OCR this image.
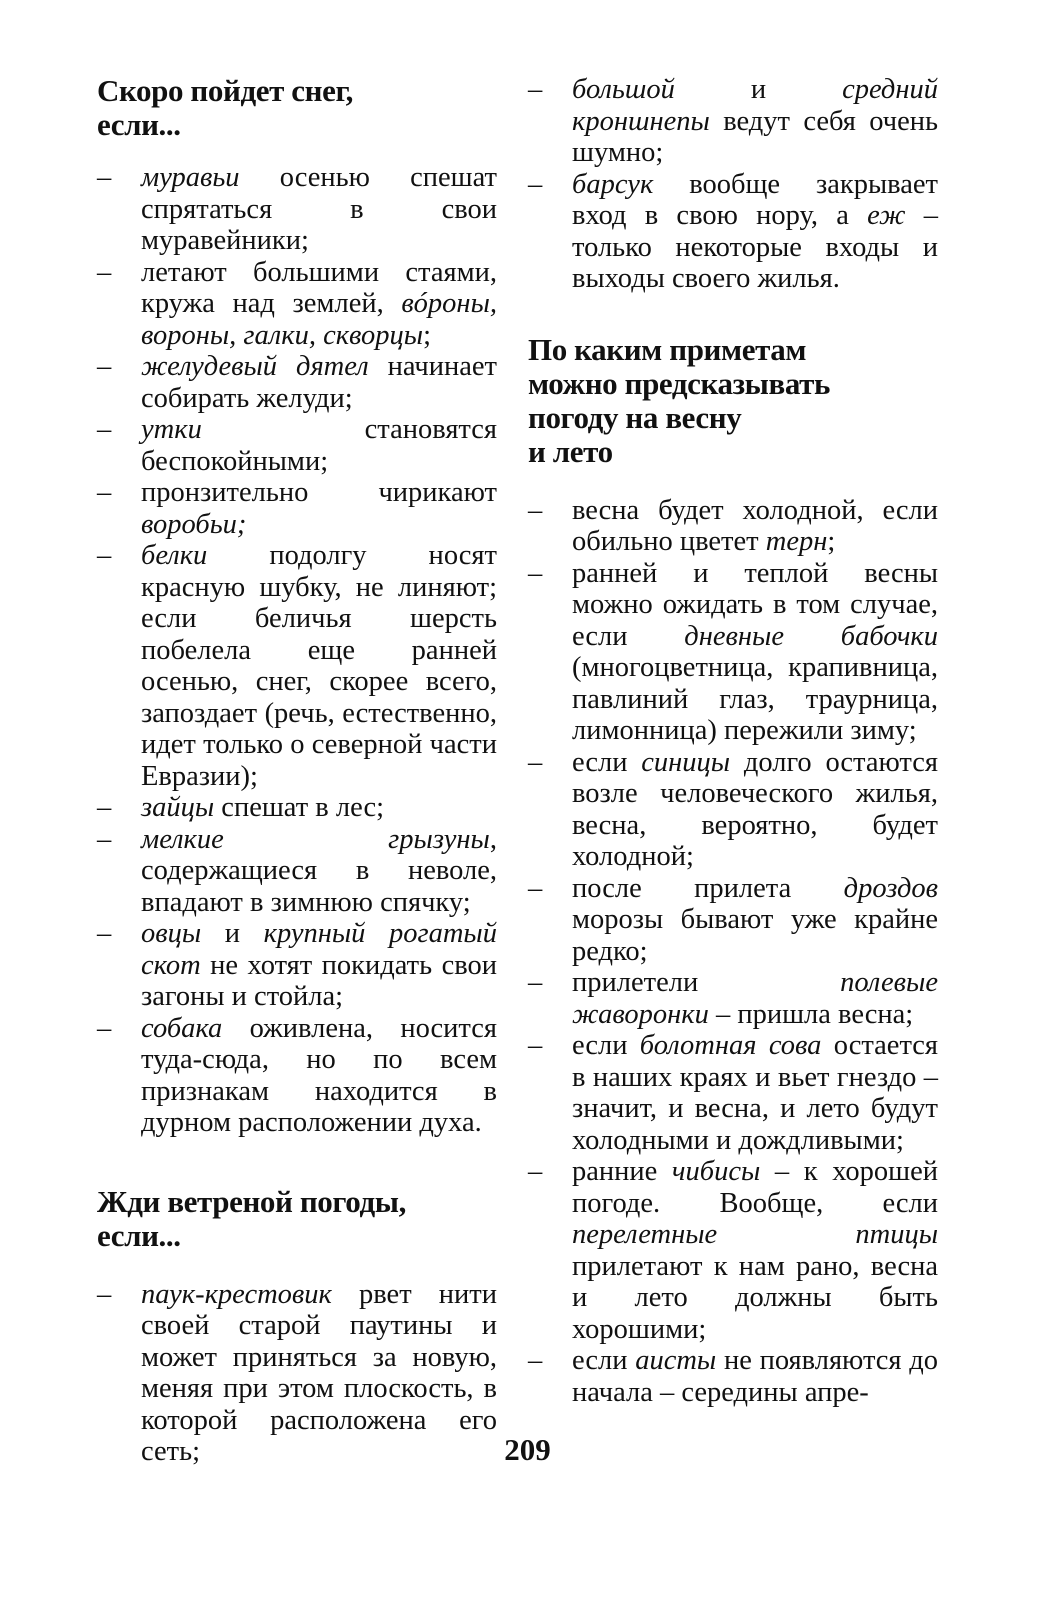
Скоро пойдет снег,
если...
– муравьи осенью спешат спрятаться в свои муравейники;
– летают большими стаями, кружа над землей, вóроны, вороны, галки, скворцы;
– желудевый дятел начинает собирать желуди;
– утки становятся беспокойными;
– пронзительно чирикают воробьи;
– белки подолгу носят красную шубку, не линяют; если беличья шерсть побелела еще ранней осенью, снег, скорее всего, запоздает (речь, естественно, идет только о северной части Евразии);
– зайцы спешат в лес;
– мелкие грызуны, содержащиеся в неволе, впадают в зимнюю спячку;
– овцы и крупный рогатый скот не хотят покидать свои загоны и стойла;
– собака оживлена, носится туда-сюда, но по всем признакам находится в дурном расположении духа.
Жди ветреной погоды,
если...
– паук-крестовик рвет нити своей старой паутины и может приняться за новую, меняя при этом плоскость, в которой расположена его сеть;
– большой и средний кроншнепы ведут себя очень шумно;
– барсук вообще закрывает вход в свою нору, а еж – только некоторые входы и выходы своего жилья.
По каким приметам
можно предсказывать
погоду на весну
и лето
– весна будет холодной, если обильно цветет терн;
– ранней и теплой весны можно ожидать в том случае, если дневные бабочки (многоцветница, крапивница, павлиний глаз, траурница, лимонница) пережили зиму;
– если синицы долго остаются возле человеческого жилья, весна, вероятно, будет холодной;
– после прилета дроздов морозы бывают уже крайне редко;
– прилетели полевые жаворонки – пришла весна;
– если болотная сова остается в наших краях и вьет гнездо – значит, и весна, и лето будут холодными и дождливыми;
– ранние чибисы – к хорошей погоде. Вообще, если перелетные птицы прилетают к нам рано, весна и лето должны быть хорошими;
– если аисты не появляются до начала – середины апре-
209
